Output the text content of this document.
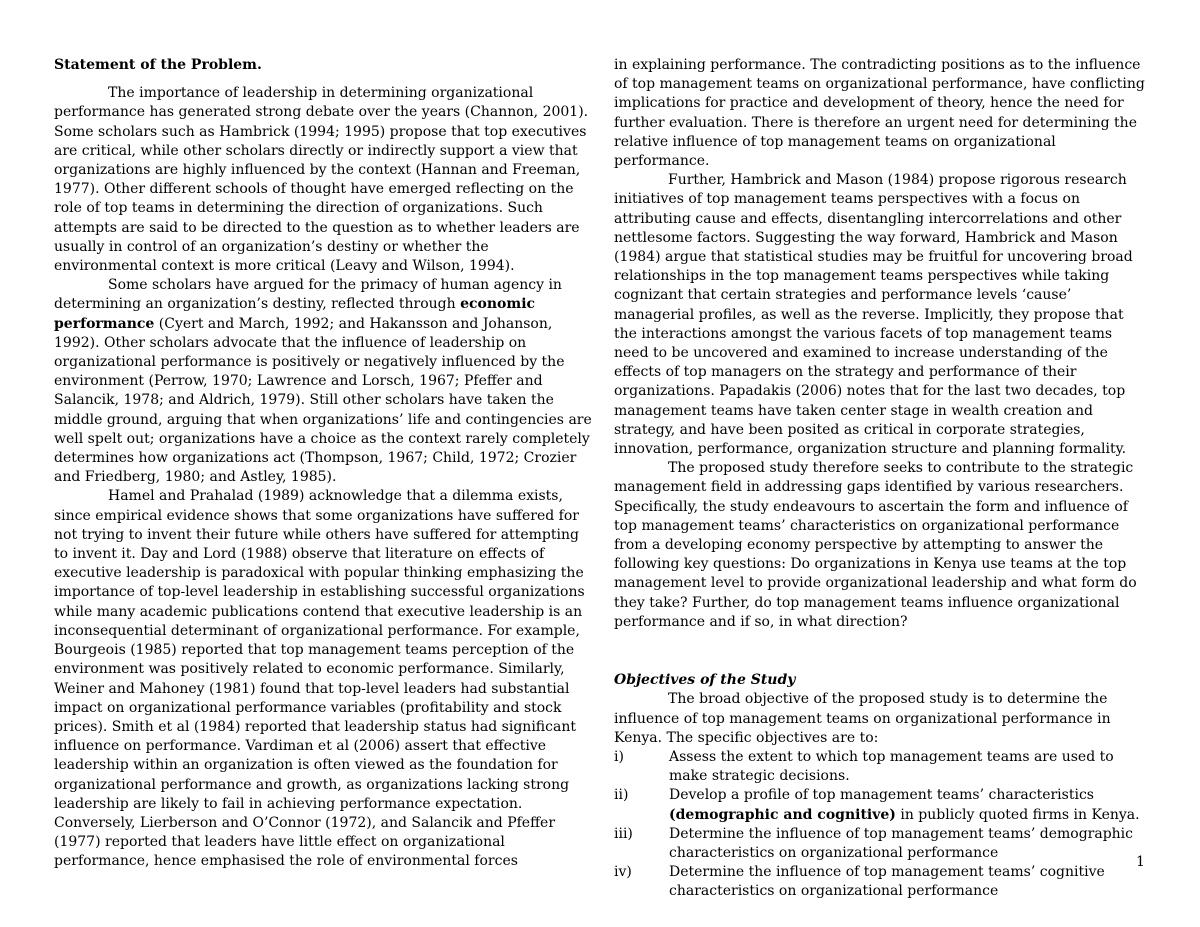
Statement of the Problem.

The importance of leadership in determining organizational performance has generated strong debate over the years (Channon, 2001). Some scholars such as Hambrick (1994; 1995) propose that top executives are critical, while other scholars directly or indirectly support a view that organizations are highly influenced by the context (Hannan and Freeman, 1977). Other different schools of thought have emerged reflecting on the role of top teams in determining the direction of organizations. Such attempts are said to be directed to the question as to whether leaders are usually in control of an organization’s destiny or whether the environmental context is more critical (Leavy and Wilson, 1994).

Some scholars have argued for the primacy of human agency in determining an organization’s destiny, reflected through economic performance (Cyert and March, 1992; and Hakansson and Johanson, 1992). Other scholars advocate that the influence of leadership on organizational performance is positively or negatively influenced by the environment (Perrow, 1970; Lawrence and Lorsch, 1967; Pfeffer and Salancik, 1978; and Aldrich, 1979). Still other scholars have taken the middle ground, arguing that when organizations’ life and contingencies are well spelt out; organizations have a choice as the context rarely completely determines how organizations act (Thompson, 1967; Child, 1972; Crozier and Friedberg, 1980; and Astley, 1985).

Hamel and Prahalad (1989) acknowledge that a dilemma exists, since empirical evidence shows that some organizations have suffered for not trying to invent their future while others have suffered for attempting to invent it. Day and Lord (1988) observe that literature on effects of executive leadership is paradoxical with popular thinking emphasizing the importance of top-level leadership in establishing successful organizations while many academic publications contend that executive leadership is an inconsequential determinant of organizational performance. For example, Bourgeois (1985) reported that top management teams perception of the environment was positively related to economic performance. Similarly, Weiner and Mahoney (1981) found that top-level leaders had substantial impact on organizational performance variables (profitability and stock prices). Smith et al (1984) reported that leadership status had significant influence on performance. Vardiman et al (2006) assert that effective leadership within an organization is often viewed as the foundation for organizational performance and growth, as organizations lacking strong leadership are likely to fail in achieving performance expectation. Conversely, Lierberson and O’Connor (1972), and Salancik and Pfeffer (1977) reported that leaders have little effect on organizational performance, hence emphasised the role of environmental forces

in explaining performance. The contradicting positions as to the influence of top management teams on organizational performance, have conflicting implications for practice and development of theory, hence the need for further evaluation. There is therefore an urgent need for determining the relative influence of top management teams on organizational performance.

Further, Hambrick and Mason (1984) propose rigorous research initiatives of top management teams perspectives with a focus on attributing cause and effects, disentangling intercorrelations and other nettlesome factors. Suggesting the way forward, Hambrick and Mason (1984) argue that statistical studies may be fruitful for uncovering broad relationships in the top management teams perspectives while taking cognizant that certain strategies and performance levels ‘cause’ managerial profiles, as well as the reverse. Implicitly, they propose that the interactions amongst the various facets of top management teams need to be uncovered and examined to increase understanding of the effects of top managers on the strategy and performance of their organizations. Papadakis (2006) notes that for the last two decades, top management teams have taken center stage in wealth creation and strategy, and have been posited as critical in corporate strategies, innovation, performance, organization structure and planning formality.

The proposed study therefore seeks to contribute to the strategic management field in addressing gaps identified by various researchers. Specifically, the study endeavours to ascertain the form and influence of top management teams’ characteristics on organizational performance from a developing economy perspective by attempting to answer the following key questions: Do organizations in Kenya use teams at the top management level to provide organizational leadership and what form do they take? Further, do top management teams influence organizational performance and if so, in what direction?

Objectives of the Study

The broad objective of the proposed study is to determine the influence of top management teams on organizational performance in Kenya. The specific objectives are to:

i)	Assess the extent to which top management teams are used to make strategic decisions.
ii)	Develop a profile of top management teams’ characteristics (demographic and cognitive) in publicly quoted firms in Kenya.
iii)	Determine the influence of top management teams’ demographic characteristics on organizational performance
iv)	Determine the influence of top management teams’ cognitive characteristics on organizational performance
1
